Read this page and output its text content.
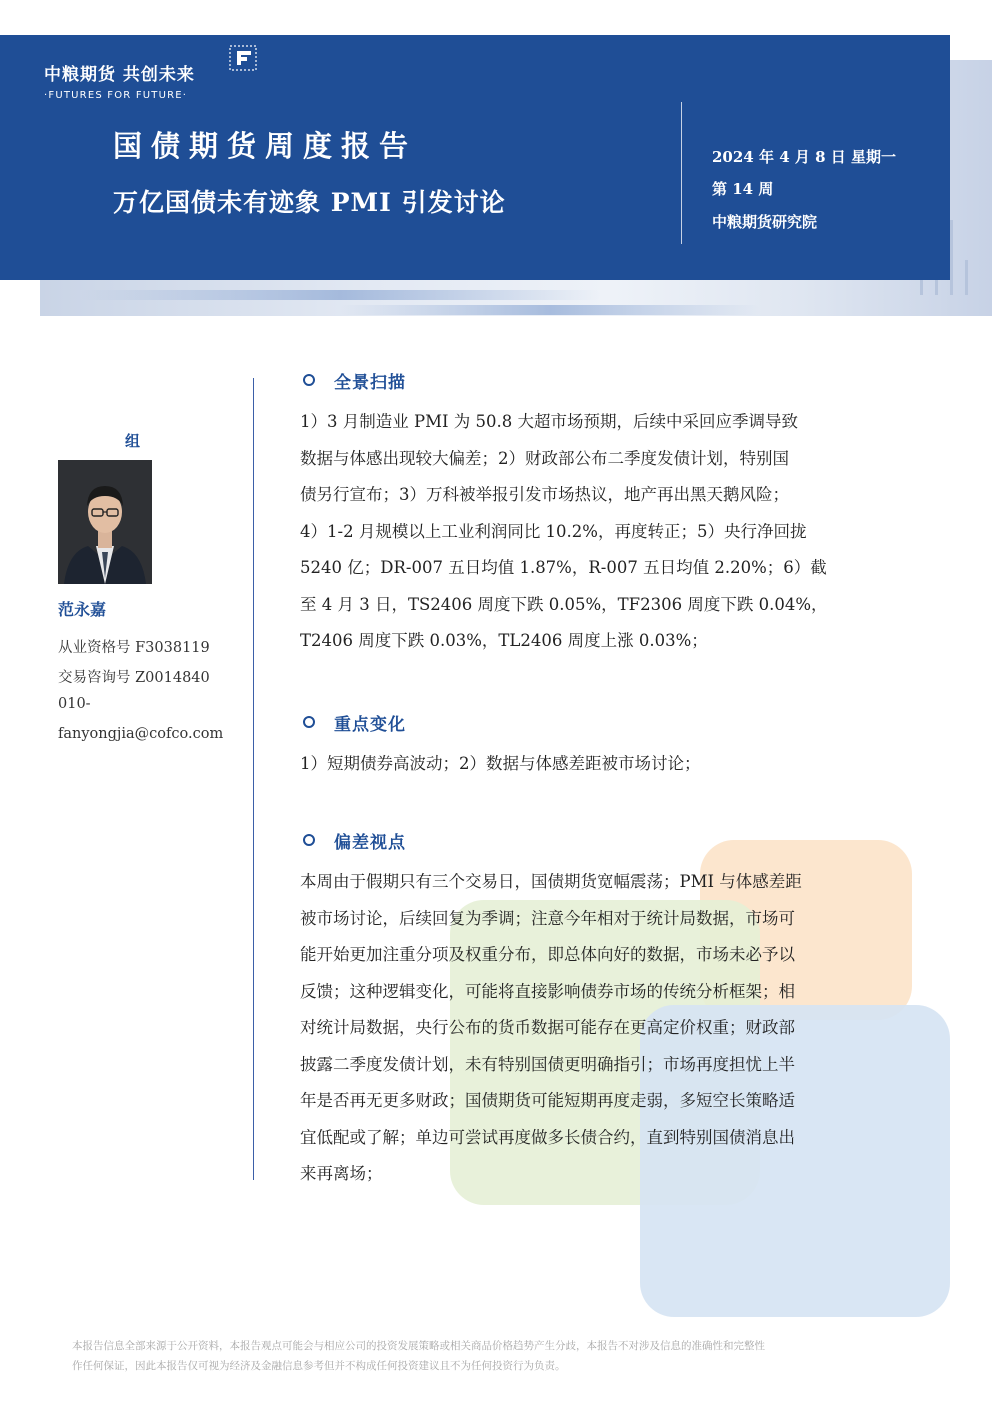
中粮期货 共创未来
·FUTURES FOR FUTURE·
国债期货周度报告
万亿国债未有迹象 PMI 引发讨论
2024 年 4 月 8 日 星期一
第 14 周
中粮期货研究院
组
范永嘉
从业资格号 F3038119
交易咨询号 Z0014840
010-
fanyongjia@cofco.com
全景扫描

1）3 月制造业 PMI 为 50.8 大超市场预期，后续中采回应季调导致
数据与体感出现较大偏差；2）财政部公布二季度发债计划，特别国
债另行宣布；3）万科被举报引发市场热议，地产再出黑天鹅风险；
4）1-2 月规模以上工业利润同比 10.2%，再度转正；5）央行净回拢
5240 亿；DR-007 五日均值 1.87%，R-007 五日均值 2.20%；6）截
至 4 月 3 日，TS2406 周度下跌 0.05%，TF2306 周度下跌 0.04%，
T2406 周度下跌 0.03%，TL2406 周度上涨 0.03%；

重点变化

1）短期债券高波动；2）数据与体感差距被市场讨论；

偏差视点

本周由于假期只有三个交易日，国债期货宽幅震荡；PMI 与体感差距
被市场讨论，后续回复为季调；注意今年相对于统计局数据，市场可
能开始更加注重分项及权重分布，即总体向好的数据，市场未必予以
反馈；这种逻辑变化，可能将直接影响债券市场的传统分析框架；相
对统计局数据，央行公布的货币数据可能存在更高定价权重；财政部
披露二季度发债计划，未有特别国债更明确指引；市场再度担忧上半
年是否再无更多财政；国债期货可能短期再度走弱，多短空长策略适
宜低配或了解；单边可尝试再度做多长债合约，直到特别国债消息出
来再离场；

本报告信息全部来源于公开资料，本报告观点可能会与相应公司的投资发展策略或相关商品价格趋势产生分歧，本报告不对涉及信息的准确性和完整性
作任何保证，因此本报告仅可视为经济及金融信息参考但并不构成任何投资建议且不为任何投资行为负责。
